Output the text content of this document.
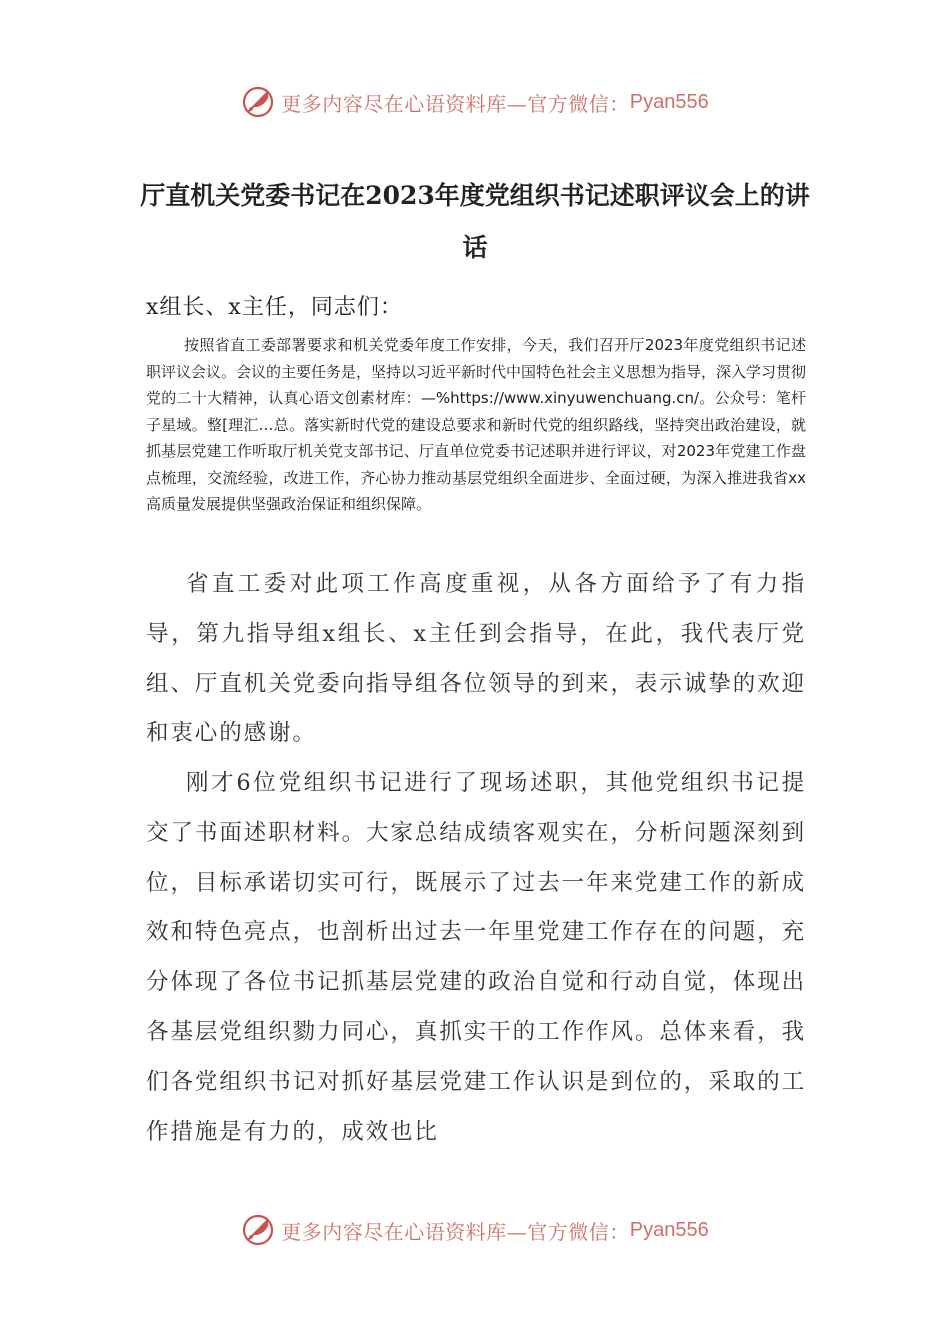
更多内容尽在心语资料库—官方微信： Pyan556
厅直机关党委书记在2023年度党组织书记述职评议会上的讲话
x组长、x主任，同志们：

按照省直工委部署要求和机关党委年度工作安排，今天，我们召开厅2023年度党组织书记述职评议会议。会议的主要任务是，坚持以习近平新时代中国特色社会主义思想为指导，深入学习贯彻党的二十大精神，认真心语文创素材库：—%https://www.xinyuwenchuang.cn/。公众号：笔杆子星域。整[理汇…总。落实新时代党的建设总要求和新时代党的组织路线，坚持突出政治建设，就抓基层党建工作听取厅机关党支部书记、厅直单位党委书记述职并进行评议，对2023年党建工作盘点梳理，交流经验，改进工作，齐心协力推动基层党组织全面进步、全面过硬，为深入推进我省xx高质量发展提供坚强政治保证和组织保障。

省直工委对此项工作高度重视，从各方面给予了有力指导，第九指导组x组长、x主任到会指导，在此，我代表厅党组、厅直机关党委向指导组各位领导的到来，表示诚挚的欢迎和衷心的感谢。

刚才6位党组织书记进行了现场述职，其他党组织书记提交了书面述职材料。大家总结成绩客观实在，分析问题深刻到位，目标承诺切实可行，既展示了过去一年来党建工作的新成效和特色亮点，也剖析出过去一年里党建工作存在的问题，充分体现了各位书记抓基层党建的政治自觉和行动自觉，体现出各基层党组织勠力同心，真抓实干的工作作风。总体来看，我们各党组织书记对抓好基层党建工作认识是到位的，采取的工作措施是有力的，成效也比

更多内容尽在心语资料库—官方微信： Pyan556
